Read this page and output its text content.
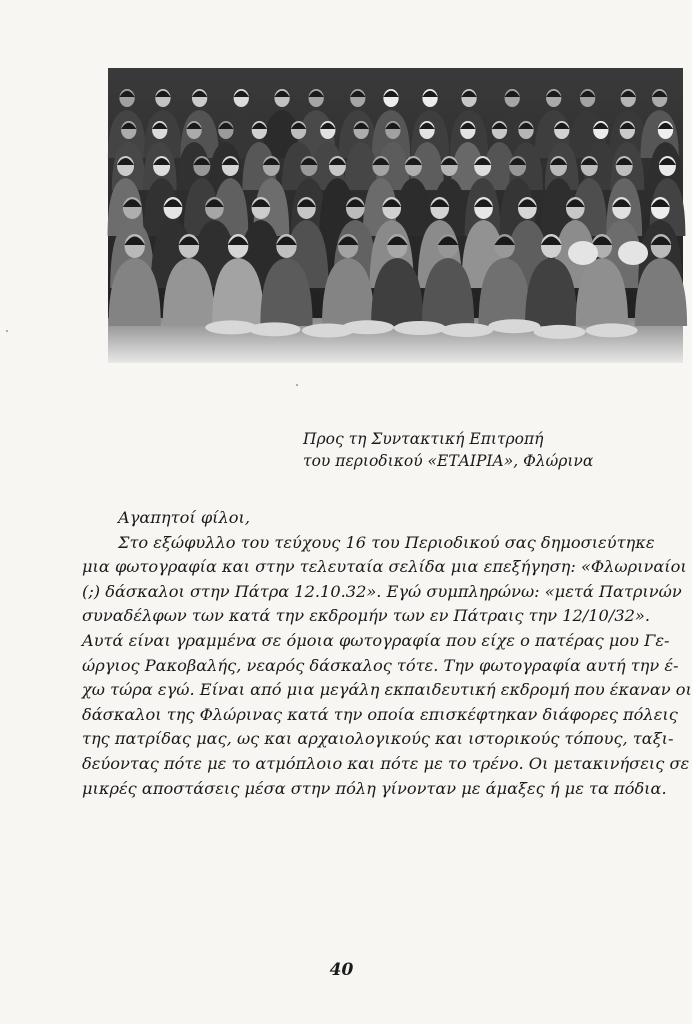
Προς τη Συντακτική Επιτροπή
του περιοδικού «ΕΤΑΙΡΙΑ», Φλώρινα
Αγαπητοί φίλοι,
Στο εξώφυλλο του τεύχους 16 του Περιοδικού σας δημοσιεύτηκε
μια φωτογραφία και στην τελευταία σελίδα μια επεξήγηση: «Φλωριναίοι
(;) δάσκαλοι στην Πάτρα 12.10.32». Εγώ συμπληρώνω: «μετά Πατρινών
συναδέλφων των κατά την εκδρομήν των εν Πάτραις την 12/10/32».
Αυτά είναι γραμμένα σε όμοια φωτογραφία που είχε ο πατέρας μου Γε-
ώργιος Ρακοβαλής, νεαρός δάσκαλος τότε. Την φωτογραφία αυτή την έ-
χω τώρα εγώ. Είναι από μια μεγάλη εκπαιδευτική εκδρομή που έκαναν οι
δάσκαλοι της Φλώρινας κατά την οποία επισκέφτηκαν διάφορες πόλεις
της πατρίδας μας, ως και αρχαιολογικούς και ιστορικούς τόπους, ταξι-
δεύοντας πότε με το ατμόπλοιο και πότε με το τρένο. Οι μετακινήσεις σε
μικρές αποστάσεις μέσα στην πόλη γίνονταν με άμαξες ή με τα πόδια.
40
